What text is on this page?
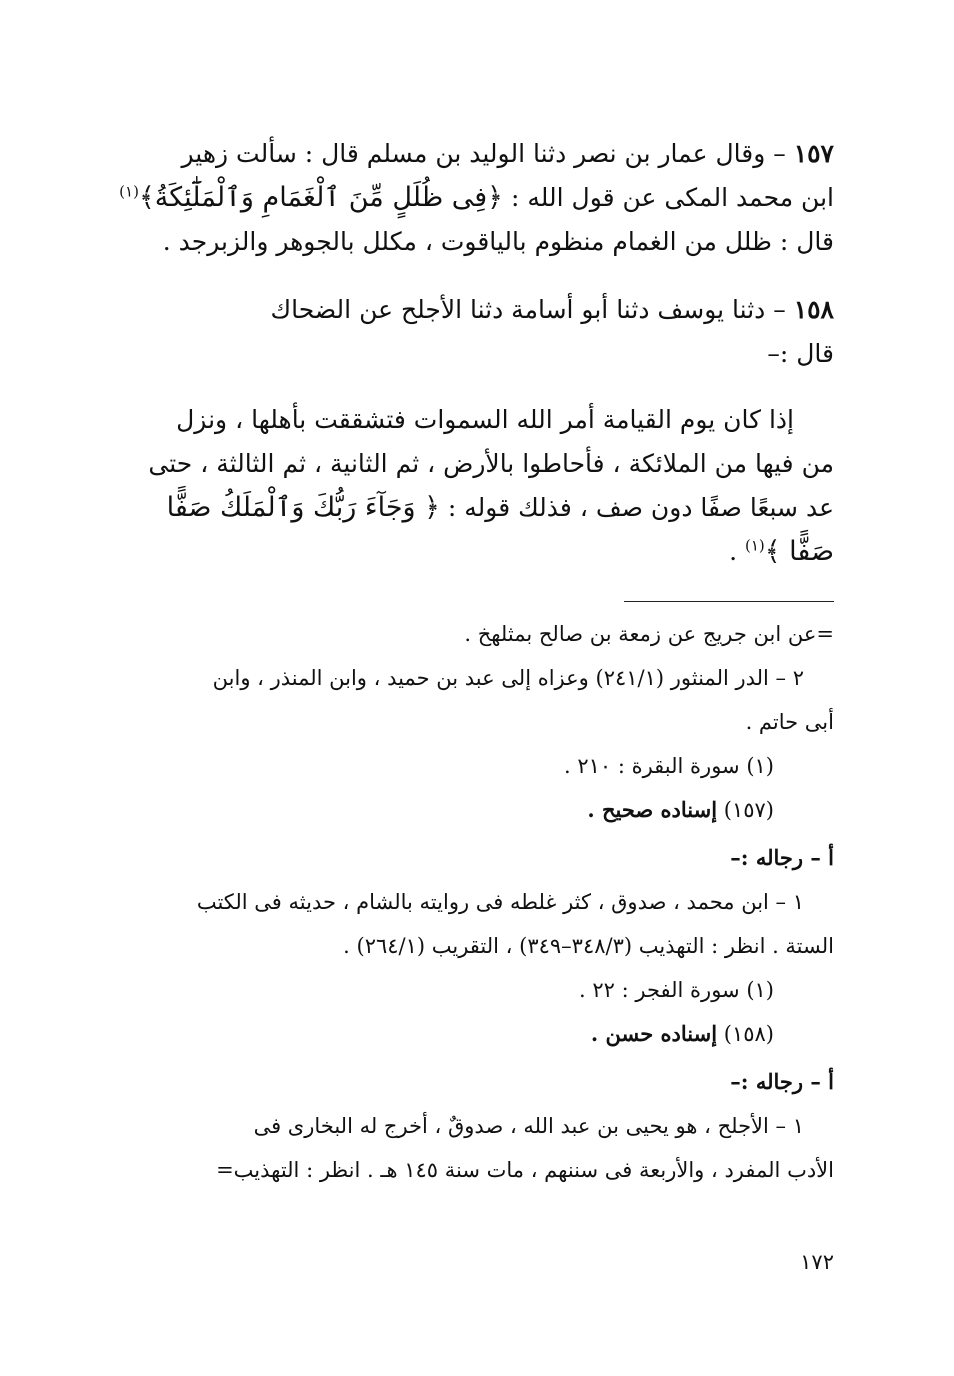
١٥٧ – وقال عمار بن نصر دثنا الوليد بن مسلم قال : سألت زهير
ابن محمد المكى عن قول الله : ﴿فِى ظُلَلٍ مِّنَ ٱلْغَمَامِ وَٱلْمَلَٰٓئِكَةُ﴾$^{(١)}$
قال : ظلل من الغمام منظوم بالياقوت ، مكلل بالجوهر والزبرجد .
١٥٨ – دثنا يوسف دثنا أبو أسامة دثنا الأجلح عن الضحاك
قال :–
إذا كان يوم القيامة أمر الله السموات فتشققت بأهلها ، ونزل
من فيها من الملائكة ، فأحاطوا بالأرض ، ثم الثانية ، ثم الثالثة ، حتى
عد سبعًا صفًا دون صف ، فذلك قوله : ﴿ وَجَآءَ رَبُّكَ وَٱلْمَلَكُ صَفًّا
صَفًّا ﴾$^{(١)}$ .
=عن ابن جريج عن زمعة بن صالح بمثلهخ .
٢ – الدر المنثور (٢٤١/١) وعزاه إلى عبد بن حميد ، وابن المنذر ، وابن
أبى حاتم .
(١) سورة البقرة : ٢١٠ .
(١٥٧) إسناده صحيح .
أ – رجاله :–
١ – ابن محمد ، صدوق ، كثر غلطه فى روايته بالشام ، حديثه فى الكتب
الستة . انظر : التهذيب (٣٤٨/٣–٣٤٩) ، التقريب (٢٦٤/١) .
(١) سورة الفجر : ٢٢ .
(١٥٨) إسناده حسن .
أ – رجاله :–
١ – الأجلح ، هو يحيى بن عبد الله ، صدوقٌ ، أخرج له البخارى فى
الأدب المفرد ، والأربعة فى سننهم ، مات سنة ١٤٥ هـ . انظر : التهذيب=
١٧٢
